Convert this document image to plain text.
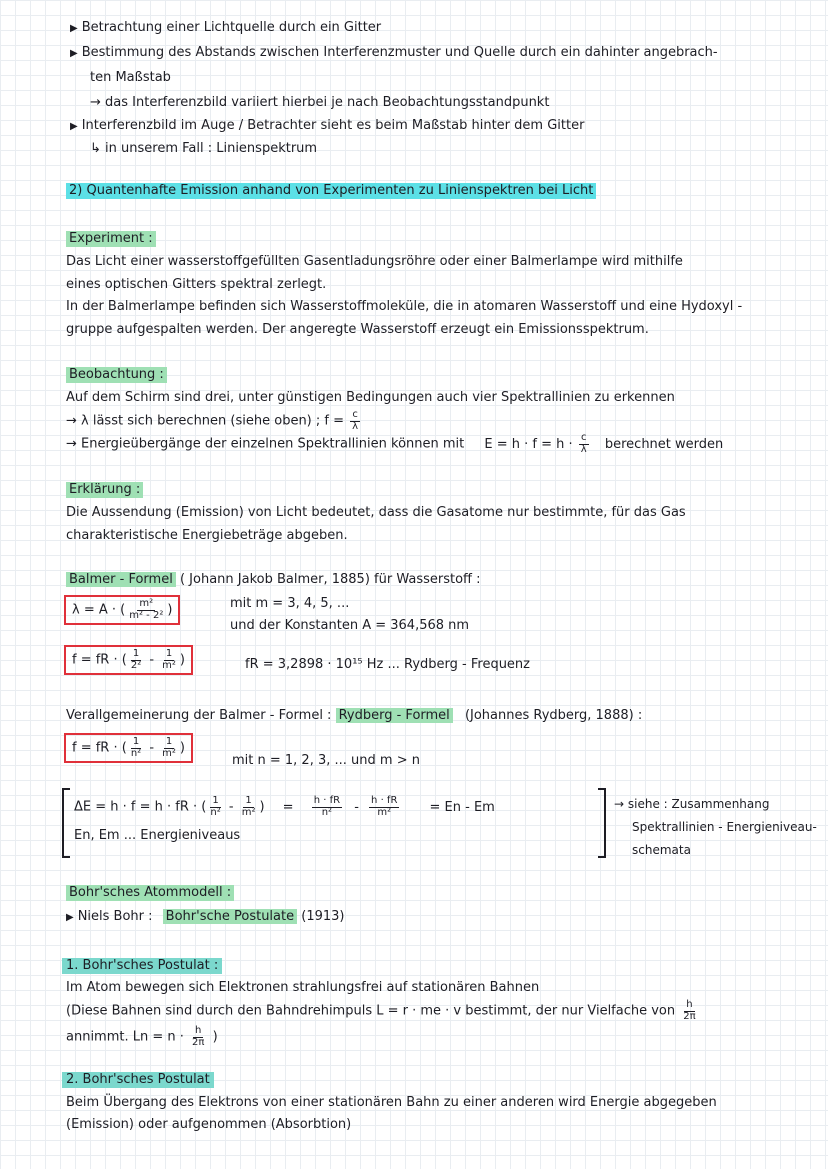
▶ Betrachtung einer Lichtquelle durch ein Gitter
▶ Bestimmung des Abstands zwischen Interferenzmuster und Quelle durch ein dahinter angebrach-
ten Maßstab
→ das Interferenzbild variiert hierbei je nach Beobachtungsstandpunkt
▶ Interferenzbild im Auge / Betrachter sieht es beim Maßstab hinter dem Gitter
↳ in unserem Fall : Linienspektrum
2) Quantenhafte Emission anhand von Experimenten zu Linienspektren bei Licht
Experiment :
Das Licht einer wasserstoffgefüllten Gasentladungsröhre oder einer Balmerlampe wird mithilfe
eines optischen Gitters spektral zerlegt.
In der Balmerlampe befinden sich Wasserstoffmoleküle, die in atomaren Wasserstoff und eine Hydoxyl -
gruppe aufgespalten werden. Der angeregte Wasserstoff erzeugt ein Emissionsspektrum.
Beobachtung :
Auf dem Schirm sind drei, unter günstigen Bedingungen auch vier Spektrallinien zu erkennen
→ λ lässt sich berechnen (siehe oben) ; $f = \frac{c}{\lambda}$
→ Energieübergänge der einzelnen Spektrallinien können mit $E = h \cdot f = h \cdot \frac{c}{\lambda}$ berechnet werden
Erklärung :
Die Aussendung (Emission) von Licht bedeutet, dass die Gasatome nur bestimmte, für das Gas
charakteristische Energiebeträge abgeben.
Balmer - Formel ( Johann Jakob Balmer, 1885) für Wasserstoff :
λ = A · ( $\frac{\text{m²}}{\text{m² - 2²}}$ )	mit m = 3, 4, 5, ...
und der Konstanten A = 364,568 nm
f = fR · ( $\frac{1}{\text{2²}} - \frac{1}{\text{m²}}$ )	fR = 3,2898 · 10¹⁵ Hz ... Rydberg - Frequenz
Verallgemeinerung der Balmer - Formel : Rydberg - Formel (Johannes Rydberg, 1888) :
f = fR · ( $\frac{1}{\text{n²}} - \frac{1}{\text{m²}}$ )
mit n = 1, 2, 3, ... und m > n
ΔE = h · f = h · fR · ( $\frac{1}{\text{n²}} - \frac{1}{\text{m²}}$ ) = $\frac{h \cdot fR}{\text{n²}} - \frac{h \cdot fR}{\text{m²}} = En - Em$
En, Em ... Energieniveaus
→ siehe : Zusammenhang
Spektrallinien - Energieniveau-
schemata
Bohr'sches Atommodell :
▶ Niels Bohr : Bohr'sche Postulate (1913)
1. Bohr'sches Postulat :
Im Atom bewegen sich Elektronen strahlungsfrei auf stationären Bahnen
(Diese Bahnen sind durch den Bahndrehimpuls L = r · me · v bestimmt, der nur Vielfache von $\frac{h}{2\pi}$
annimmt. $Ln = n \cdot \frac{h}{2\pi}$ )
2. Bohr'sches Postulat
Beim Übergang des Elektrons von einer stationären Bahn zu einer anderen wird Energie abgegeben
(Emission) oder aufgenommen (Absorbtion)
